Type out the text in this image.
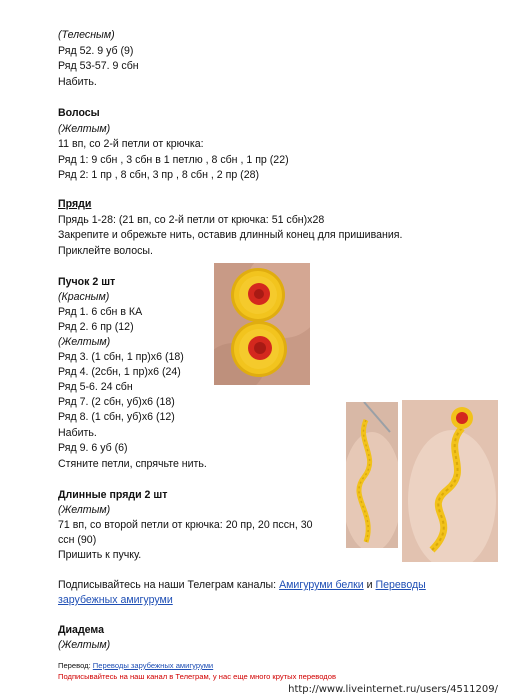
(Телесным)
Ряд 52. 9 уб (9)
Ряд 53-57. 9 сбн
Набить.
Волосы
(Желтым)
11 вп, со 2-й петли от крючка:
Ряд 1: 9 сбн , 3 сбн в 1 петлю , 8 сбн , 1 пр (22)
Ряд 2: 1 пр , 8 сбн, 3 пр , 8 сбн , 2 пр (28)
Пряди
Прядь 1-28: (21 вп, со 2-й петли от крючка: 51 сбн)х28
Закрепите и обрежьте нить, оставив длинный конец для пришивания.
Приклейте волосы.
Пучок 2 шт
(Красным)
Ряд 1. 6 сбн в КА
Ряд 2. 6 пр (12)
(Желтым)
Ряд 3. (1 сбн, 1 пр)х6 (18)
Ряд 4. (2сбн, 1 пр)х6 (24)
Ряд 5-6. 24 сбн
Ряд 7. (2 сбн, уб)х6 (18)
Ряд 8. (1 сбн, уб)х6 (12)
Набить.
Ряд 9. 6 уб (6)
Стяните петли, спрячьте нить.
Длинные пряди 2 шт
(Желтым)
71 вп, со второй петли от крючка: 20 пр, 20 пссн, 30
ссн (90)
Пришить к пучку.
Подписывайтесь на наши Телеграм каналы: Амигуруми белки и Переводы
зарубежных амигуруми
Диадема
(Желтым)
Перевод: Переводы зарубежных амигуруми
Подписывайтесь на наш канал в Телеграм, у нас еще много крутых переводов
http://www.liveinternet.ru/users/4511209/
